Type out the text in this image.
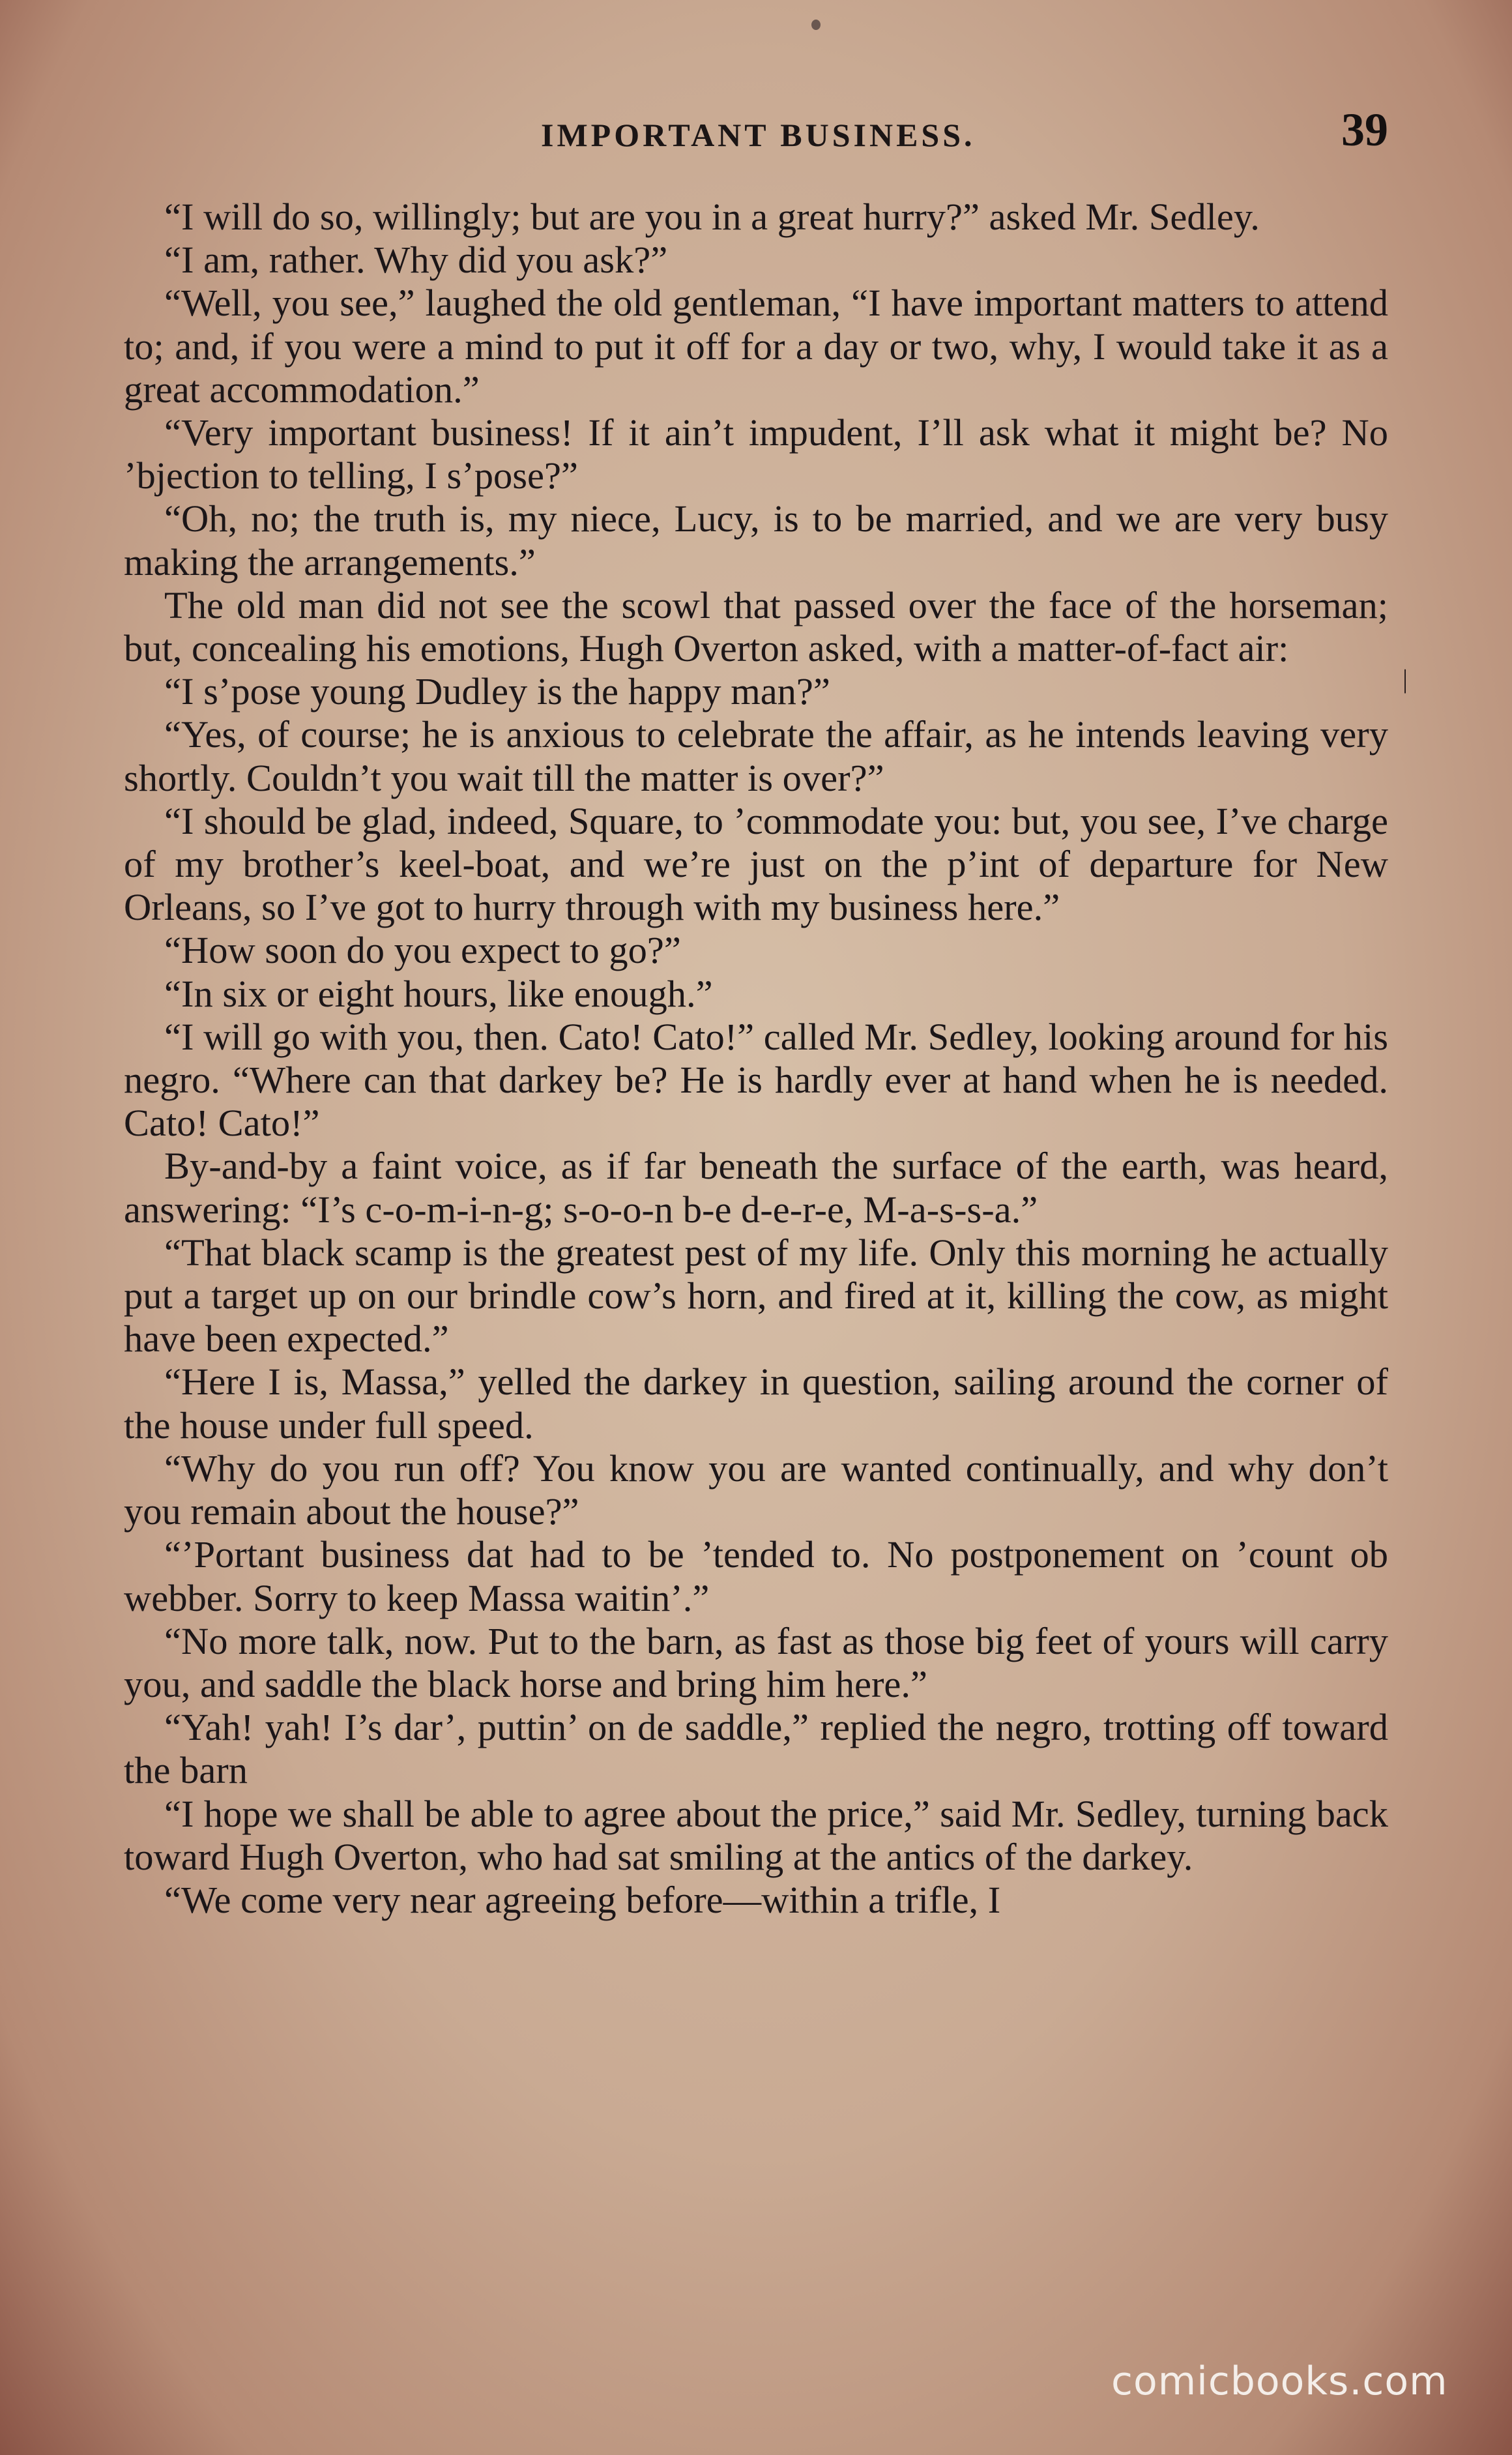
IMPORTANT BUSINESS.	39

“I will do so, willingly; but are you in a great hurry?” asked Mr. Sedley.

“I am, rather. Why did you ask?”

“Well, you see,” laughed the old gentleman, “I have important matters to attend to; and, if you were a mind to put it off for a day or two, why, I would take it as a great accommodation.”

“Very important business! If it ain’t impudent, I’ll ask what it might be? No ’bjection to telling, I s’pose?”

“Oh, no; the truth is, my niece, Lucy, is to be married, and we are very busy making the arrangements.”

The old man did not see the scowl that passed over the face of the horseman; but, concealing his emotions, Hugh Overton asked, with a matter-of-fact air:

“I s’pose young Dudley is the happy man?”

“Yes, of course; he is anxious to celebrate the affair, as he intends leaving very shortly. Couldn’t you wait till the matter is over?”

“I should be glad, indeed, Square, to ’commodate you: but, you see, I’ve charge of my brother’s keel-boat, and we’re just on the p’int of departure for New Orleans, so I’ve got to hurry through with my business here.”

“How soon do you expect to go?”

“In six or eight hours, like enough.”

“I will go with you, then. Cato! Cato!” called Mr. Sedley, looking around for his negro. “Where can that darkey be? He is hardly ever at hand when he is needed. Cato! Cato!”

By-and-by a faint voice, as if far beneath the surface of the earth, was heard, answering: “I’s c-o-m-i-n-g; s-o-o-n b-e d-e-r-e, M-a-s-s-a.”

“That black scamp is the greatest pest of my life. Only this morning he actually put a target up on our brindle cow’s horn, and fired at it, killing the cow, as might have been expected.”

“Here I is, Massa,” yelled the darkey in question, sailing around the corner of the house under full speed.

“Why do you run off? You know you are wanted continually, and why don’t you remain about the house?”

“’Portant business dat had to be ’tended to. No postponement on ’count ob webber. Sorry to keep Massa waitin’.”

“No more talk, now. Put to the barn, as fast as those big feet of yours will carry you, and saddle the black horse and bring him here.”

“Yah! yah! I’s dar’, puttin’ on de saddle,” replied the negro, trotting off toward the barn

“I hope we shall be able to agree about the price,” said Mr. Sedley, turning back toward Hugh Overton, who had sat smiling at the antics of the darkey.

“We come very near agreeing before—within a trifle, I

|
comicbooks.com
